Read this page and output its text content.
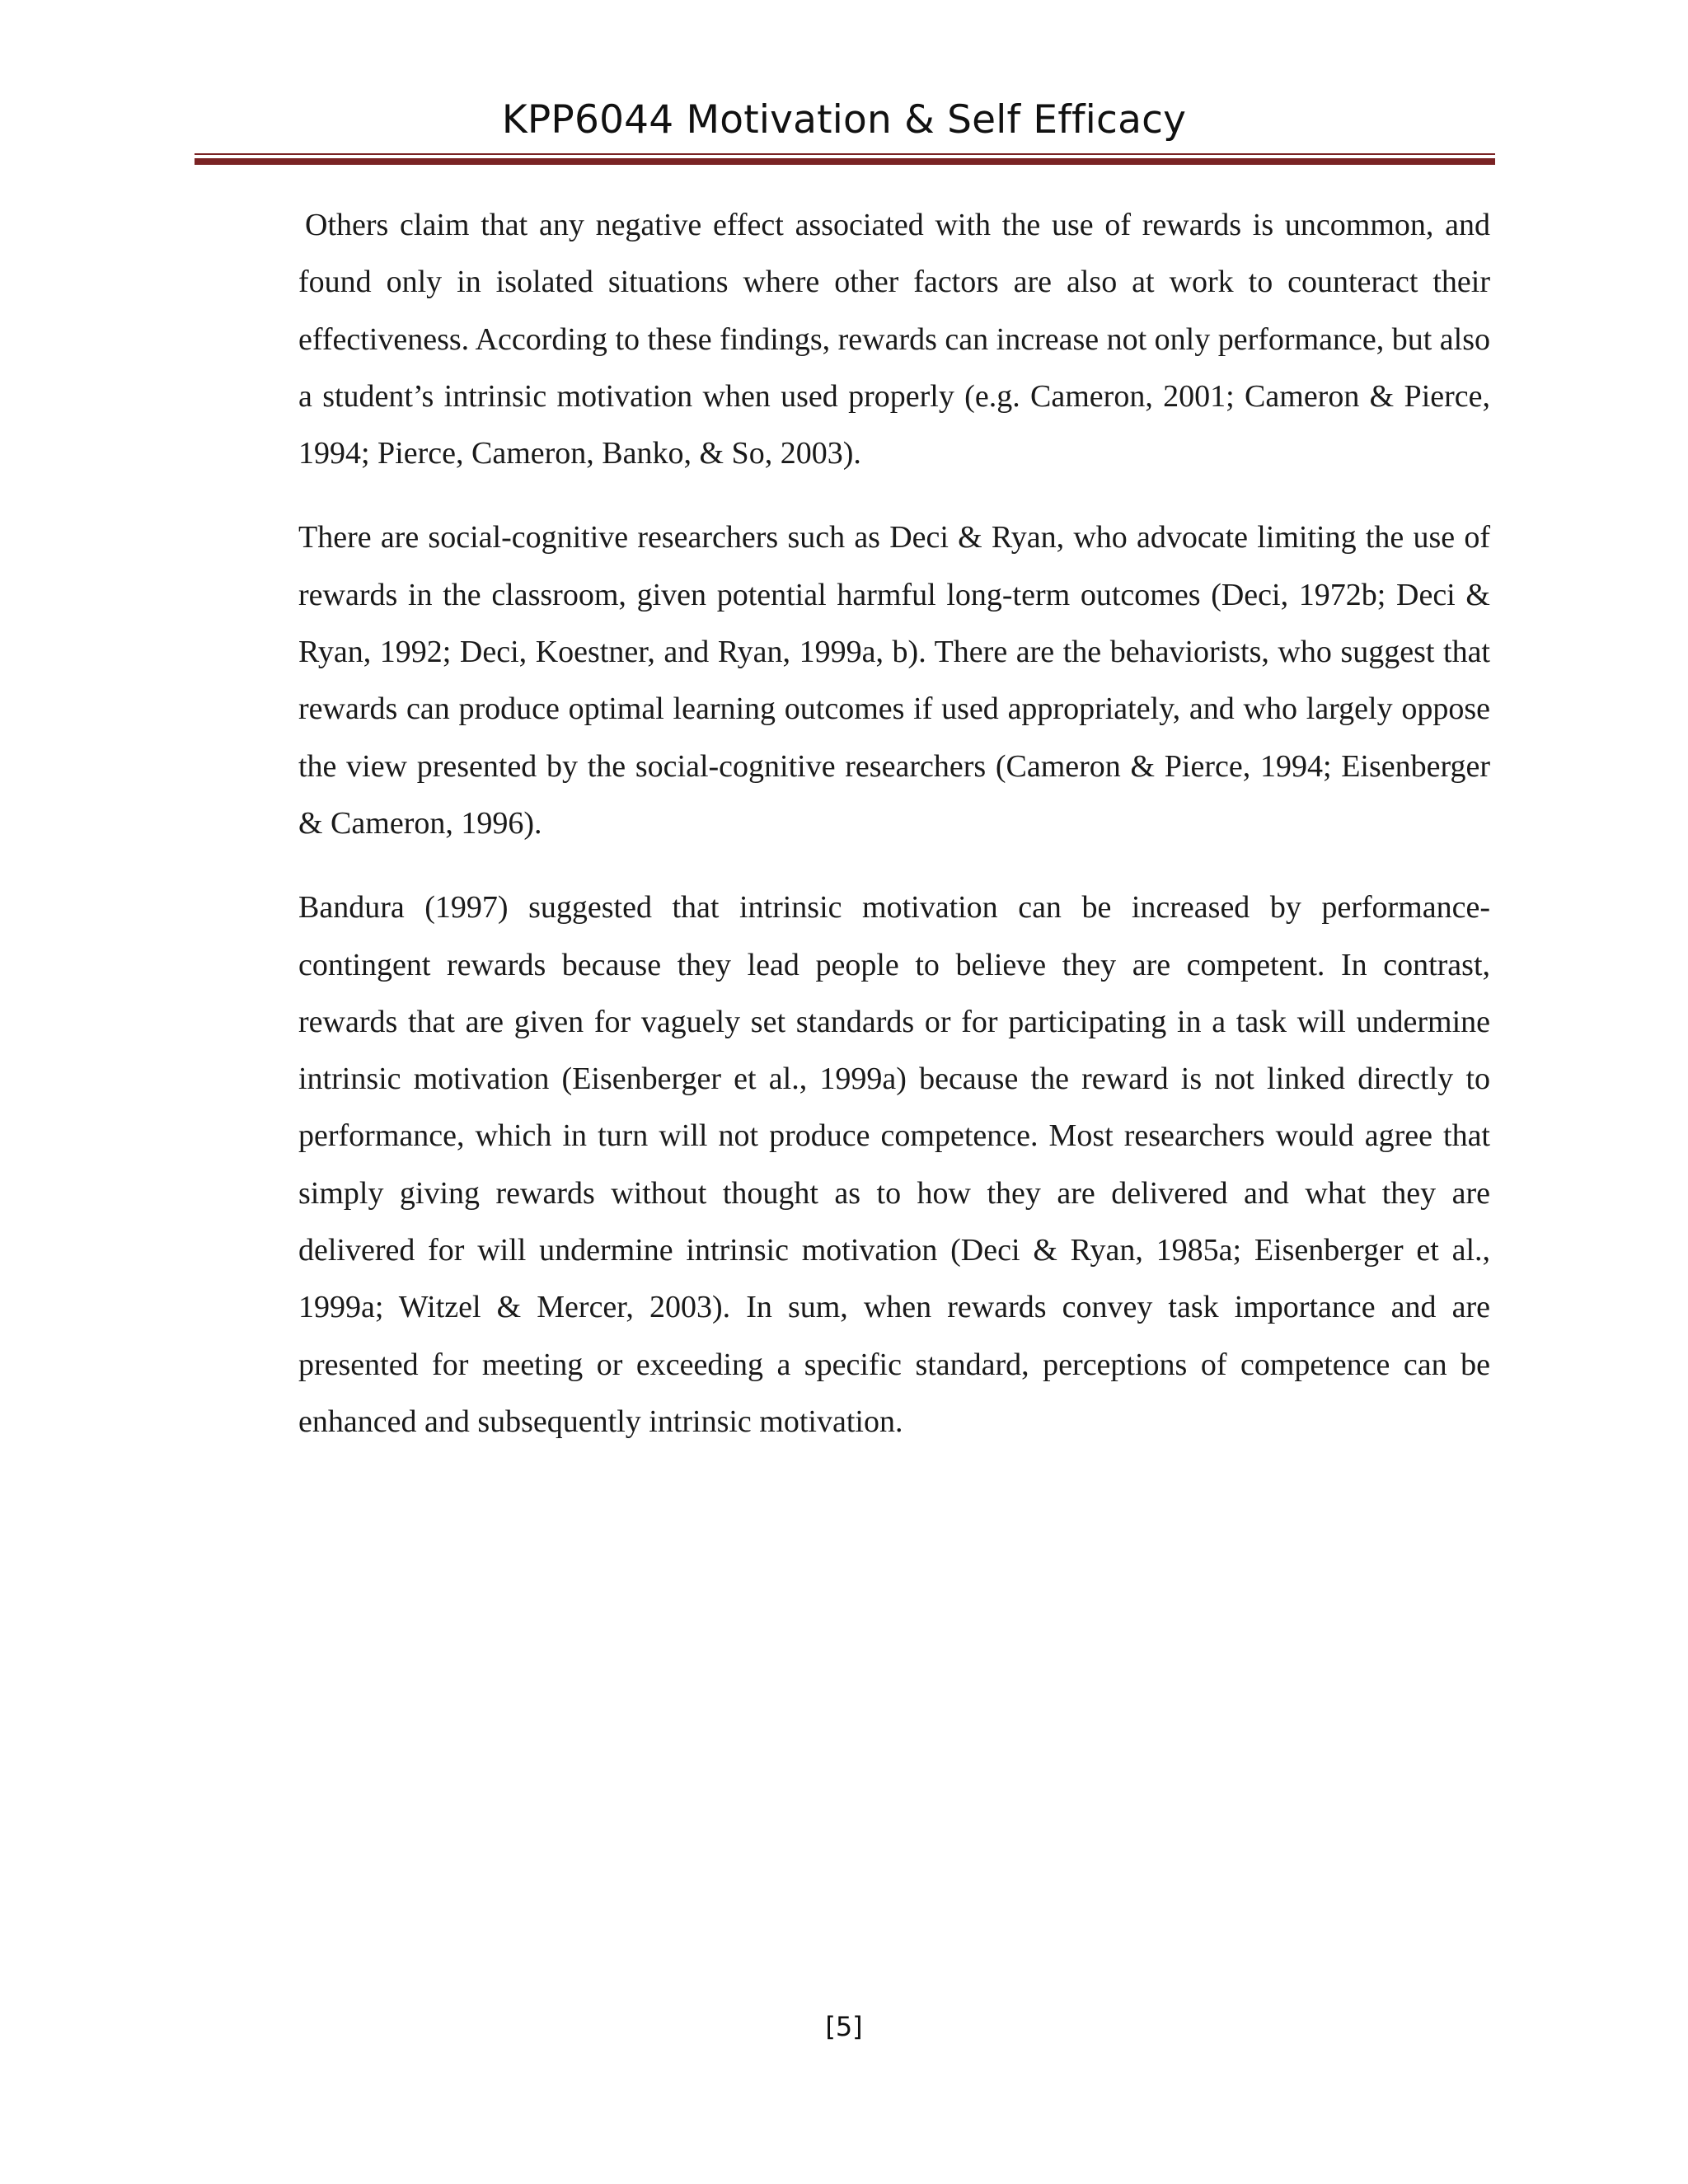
KPP6044 Motivation & Self Efficacy

Others claim that any negative effect associated with the use of rewards is uncommon, and found only in isolated situations where other factors are also at work to counteract their effectiveness. According to these findings, rewards can increase not only performance, but also a student’s intrinsic motivation when used properly (e.g. Cameron, 2001; Cameron & Pierce, 1994; Pierce, Cameron, Banko, & So, 2003).

There are social-cognitive researchers such as Deci & Ryan, who advocate limiting the use of rewards in the classroom, given potential harmful long-term outcomes (Deci, 1972b; Deci & Ryan, 1992; Deci, Koestner, and Ryan, 1999a, b). There are the behaviorists, who suggest that rewards can produce optimal learning outcomes if used appropriately, and who largely oppose the view presented by the social-cognitive researchers (Cameron & Pierce, 1994; Eisenberger & Cameron, 1996).

Bandura (1997) suggested that intrinsic motivation can be increased by performance-contingent rewards because they lead people to believe they are competent. In contrast, rewards that are given for vaguely set standards or for participating in a task will undermine intrinsic motivation (Eisenberger et al., 1999a) because the reward is not linked directly to performance, which in turn will not produce competence. Most researchers would agree that simply giving rewards without thought as to how they are delivered and what they are delivered for will undermine intrinsic motivation (Deci & Ryan, 1985a; Eisenberger et al., 1999a; Witzel & Mercer, 2003). In sum, when rewards convey task importance and are presented for meeting or exceeding a specific standard, perceptions of competence can be enhanced and subsequently intrinsic motivation.

[5]
